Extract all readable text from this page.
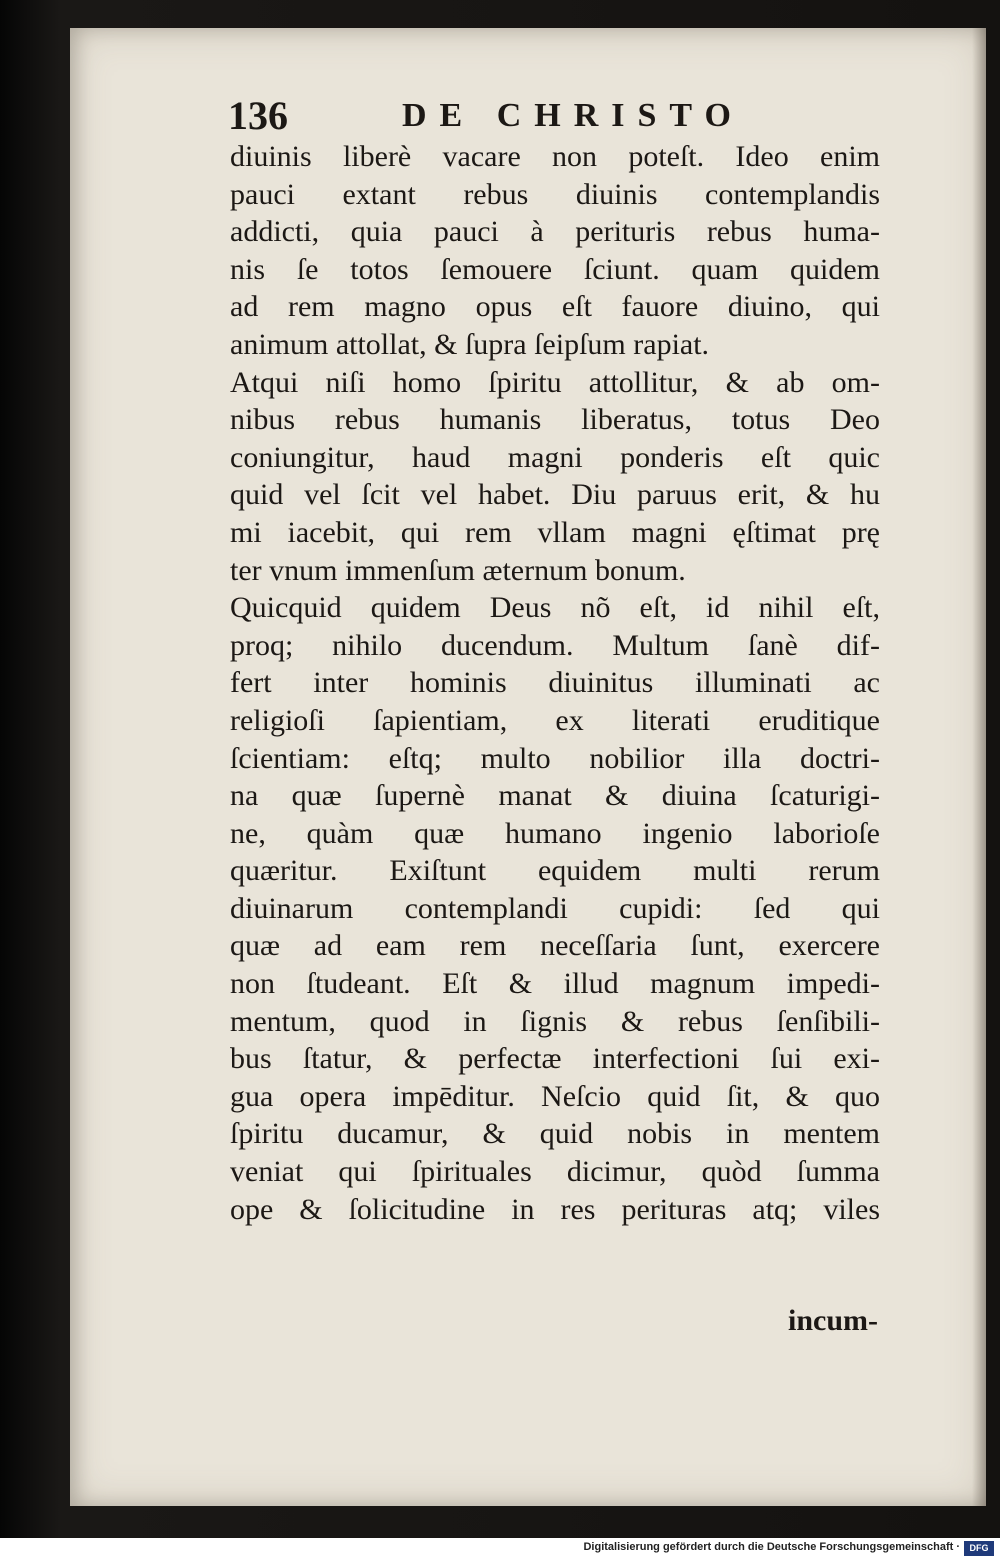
136	DE CHRISTO
diuinis liberè vacare non poteſt. Ideo enim
pauci extant rebus diuinis contemplandis
addicti, quia pauci à perituris rebus huma-
nis ſe totos ſemouere ſciunt. quam quidem
ad rem magno opus eſt fauore diuino, qui
animum attollat, & ſupra ſeipſum rapiat.
Atqui niſi homo ſpiritu attollitur, & ab om-
nibus rebus humanis liberatus, totus Deo
coniungitur, haud magni ponderis eſt quic
quid vel ſcit vel habet. Diu paruus erit, & hu
mi iacebit, qui rem vllam magni ęſtimat prę
ter vnum immenſum æternum bonum.
Quicquid quidem Deus nõ eſt, id nihil eſt,
proq; nihilo ducendum. Multum ſanè dif-
fert inter hominis diuinitus illuminati ac
religioſi ſapientiam, ex literati eruditique
ſcientiam: eſtq; multo nobilior illa doctri-
na quæ ſupernè manat & diuina ſcaturigi-
ne, quàm quæ humano ingenio laborioſe
quæritur. Exiſtunt equidem multi rerum
diuinarum contemplandi cupidi: ſed qui
quæ ad eam rem neceſſaria ſunt, exercere
non ſtudeant. Eſt & illud magnum impedi-
mentum, quod in ſignis & rebus ſenſibili-
bus ſtatur, & perfectæ interfectioni ſui exi-
gua opera impēditur. Neſcio quid ſit, & quo
ſpiritu ducamur, & quid nobis in mentem
veniat qui ſpirituales dicimur, quòd ſumma
ope & ſolicitudine in res perituras atq; viles
incum-
Digitalisierung gefördert durch die Deutsche Forschungsgemeinschaft ·	DFG
